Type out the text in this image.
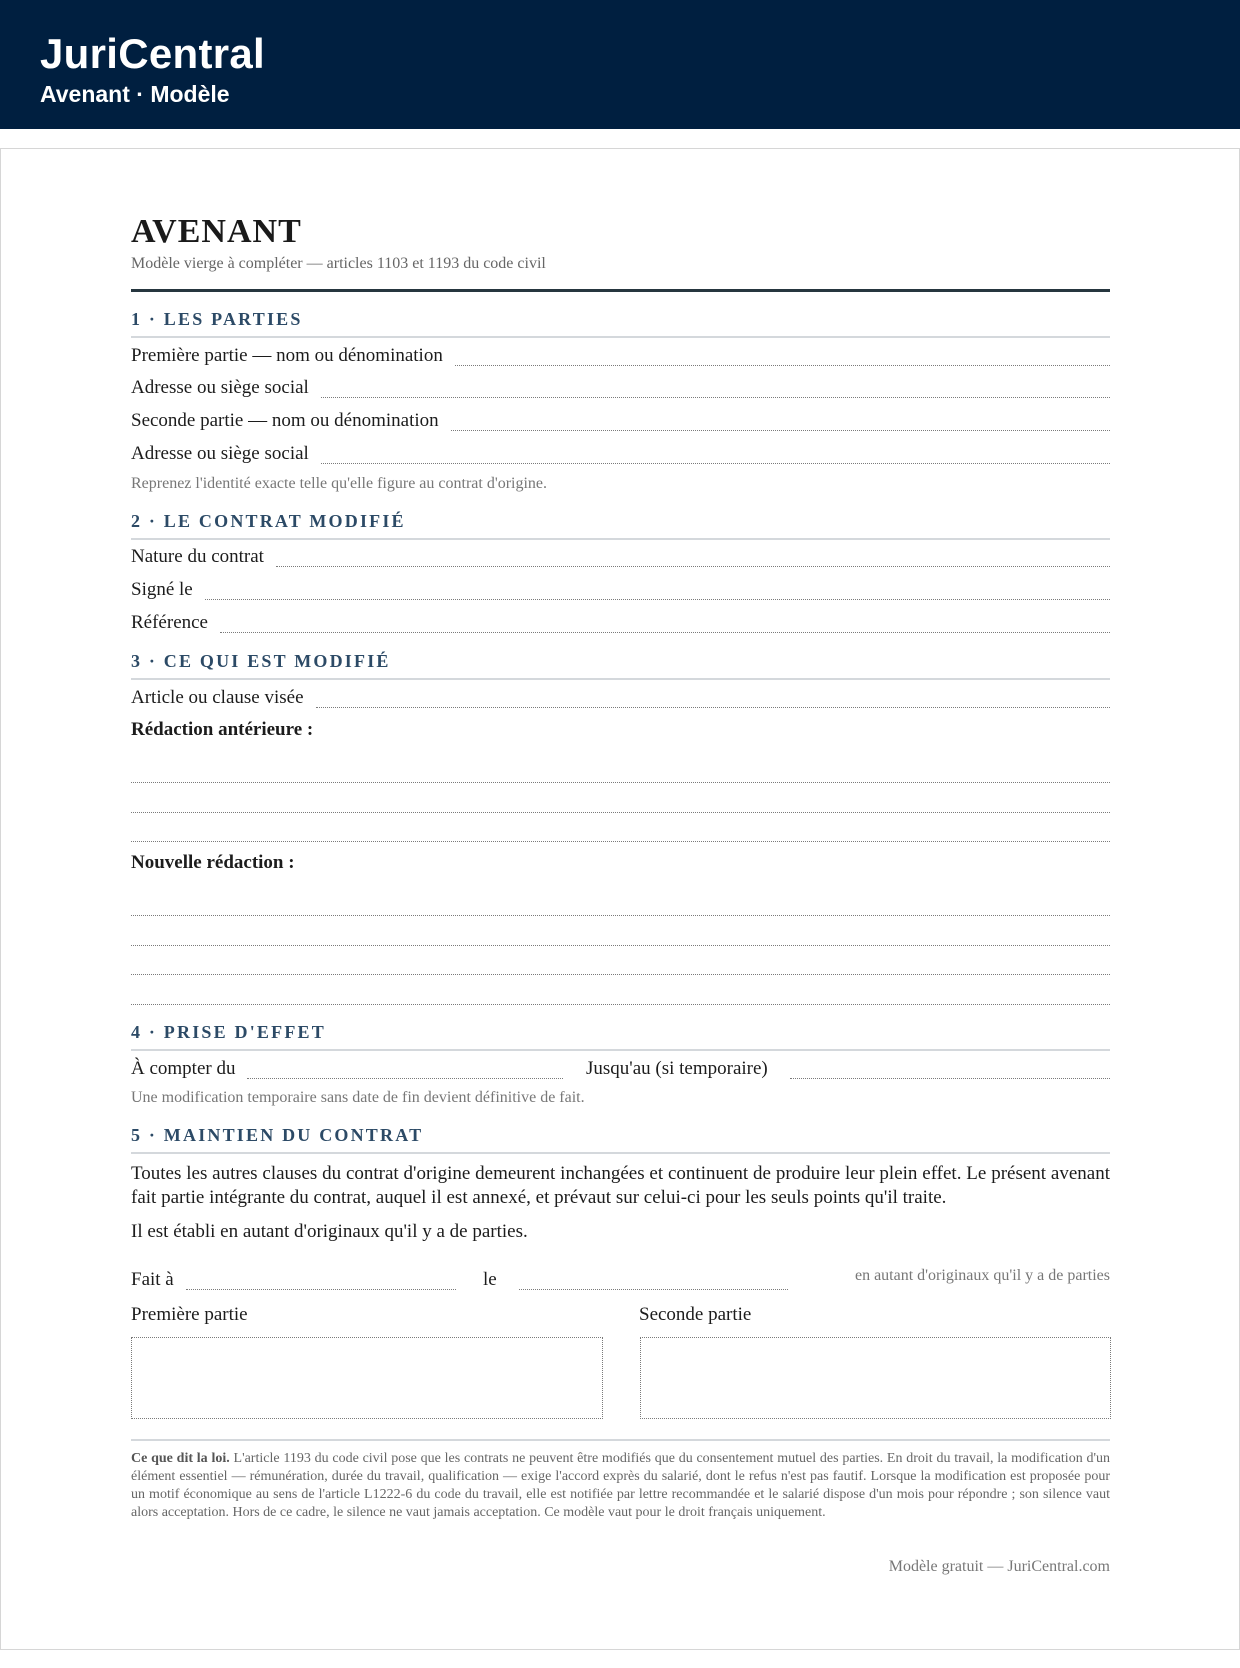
JuriCentral
Avenant · Modèle
AVENANT
Modèle vierge à compléter — articles 1103 et 1193 du code civil
1 · LES PARTIES
Première partie — nom ou dénomination
Adresse ou siège social
Seconde partie — nom ou dénomination
Adresse ou siège social
Reprenez l'identité exacte telle qu'elle figure au contrat d'origine.
2 · LE CONTRAT MODIFIÉ
Nature du contrat
Signé le
Référence
3 · CE QUI EST MODIFIÉ
Article ou clause visée
Rédaction antérieure :
Nouvelle rédaction :
4 · PRISE D'EFFET
À compter du	Jusqu'au (si temporaire)
Une modification temporaire sans date de fin devient définitive de fait.
5 · MAINTIEN DU CONTRAT
Toutes les autres clauses du contrat d'origine demeurent inchangées et continuent de produire leur plein effet. Le présent avenant fait partie intégrante du contrat, auquel il est annexé, et prévaut sur celui-ci pour les seuls points qu'il traite.
Il est établi en autant d'originaux qu'il y a de parties.
Fait à	le	en autant d'originaux qu'il y a de parties
Première partie	Seconde partie
Ce que dit la loi. L'article 1193 du code civil pose que les contrats ne peuvent être modifiés que du consentement mutuel des parties. En droit du travail, la modification d'un élément essentiel — rémunération, durée du travail, qualification — exige l'accord exprès du salarié, dont le refus n'est pas fautif. Lorsque la modification est proposée pour un motif économique au sens de l'article L1222-6 du code du travail, elle est notifiée par lettre recommandée et le salarié dispose d'un mois pour répondre ; son silence vaut alors acceptation. Hors de ce cadre, le silence ne vaut jamais acceptation. Ce modèle vaut pour le droit français uniquement.
Modèle gratuit — JuriCentral.com
